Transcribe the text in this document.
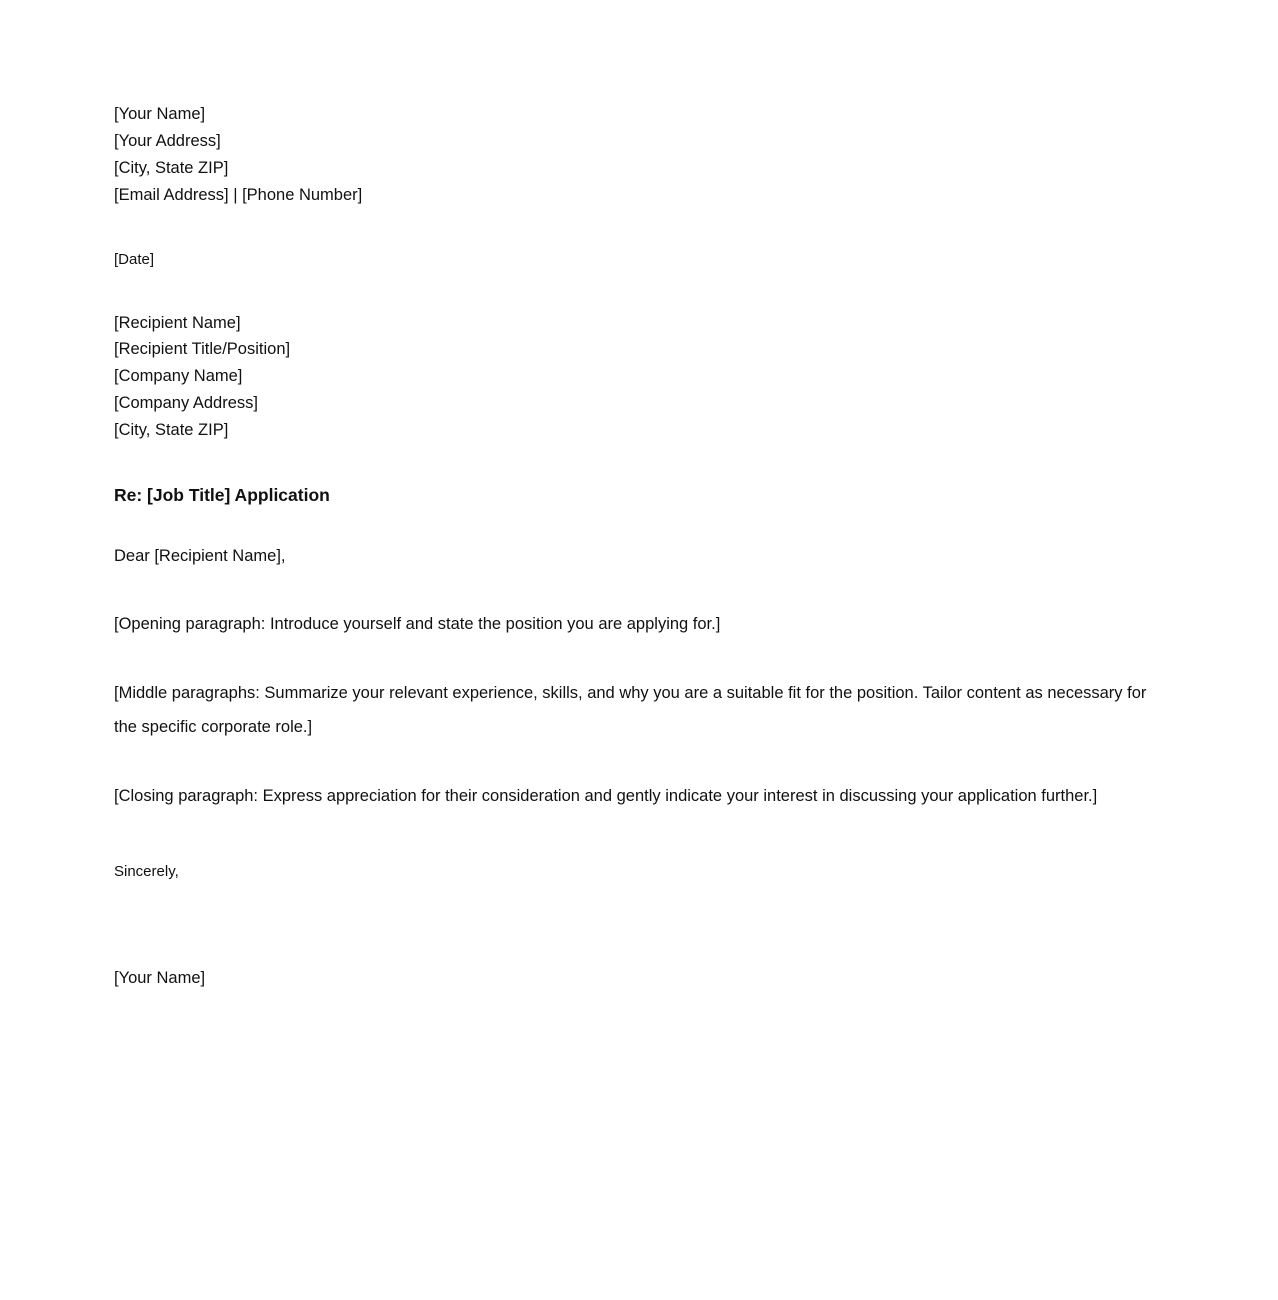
[Your Name]
[Your Address]
[City, State ZIP]
[Email Address] | [Phone Number]
[Date]
[Recipient Name]
[Recipient Title/Position]
[Company Name]
[Company Address]
[City, State ZIP]
Re: [Job Title] Application
Dear [Recipient Name],
[Opening paragraph: Introduce yourself and state the position you are applying for.]
[Middle paragraphs: Summarize your relevant experience, skills, and why you are a suitable fit for the position. Tailor content as necessary for the specific corporate role.]
[Closing paragraph: Express appreciation for their consideration and gently indicate your interest in discussing your application further.]
Sincerely,
[Your Name]
